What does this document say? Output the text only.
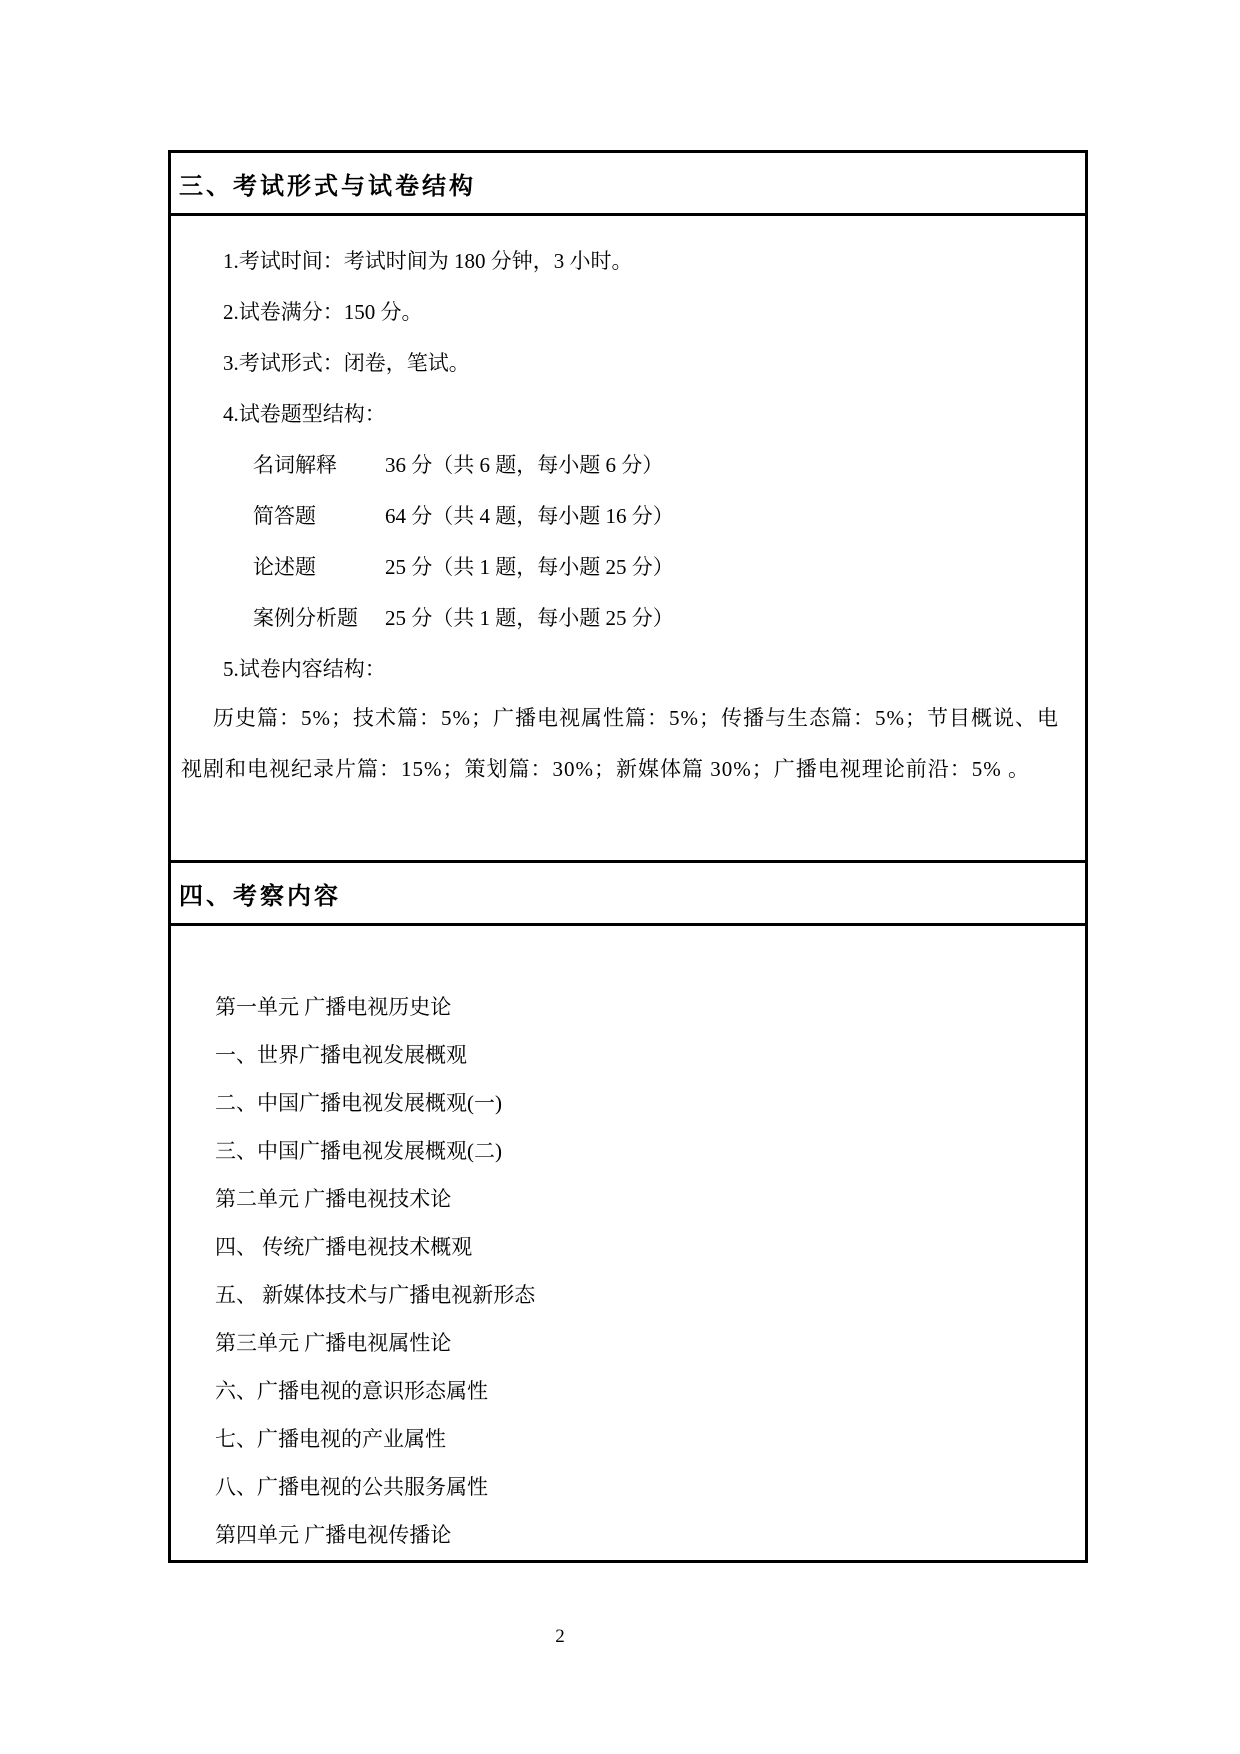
三、考试形式与试卷结构
1.考试时间：考试时间为 180 分钟，3 小时。
2.试卷满分：150 分。
3.考试形式：闭卷，笔试。
4.试卷题型结构：
名词解释	36 分（共 6 题，每小题 6 分）
简答题	64 分（共 4 题，每小题 16 分）
论述题	25 分（共 1 题，每小题 25 分）
案例分析题	25 分（共 1 题，每小题 25 分）
5.试卷内容结构：
历史篇：5%；技术篇：5%；广播电视属性篇：5%；传播与生态篇：5%；节目概说、电视剧和电视纪录片篇：15%；策划篇：30%；新媒体篇 30%；广播电视理论前沿：5% 。
四、考察内容
第一单元 广播电视历史论
一、世界广播电视发展概观
二、中国广播电视发展概观(一)
三、中国广播电视发展概观(二)
第二单元 广播电视技术论
四、 传统广播电视技术概观
五、 新媒体技术与广播电视新形态
第三单元 广播电视属性论
六、广播电视的意识形态属性
七、广播电视的产业属性
八、广播电视的公共服务属性
第四单元 广播电视传播论
2
